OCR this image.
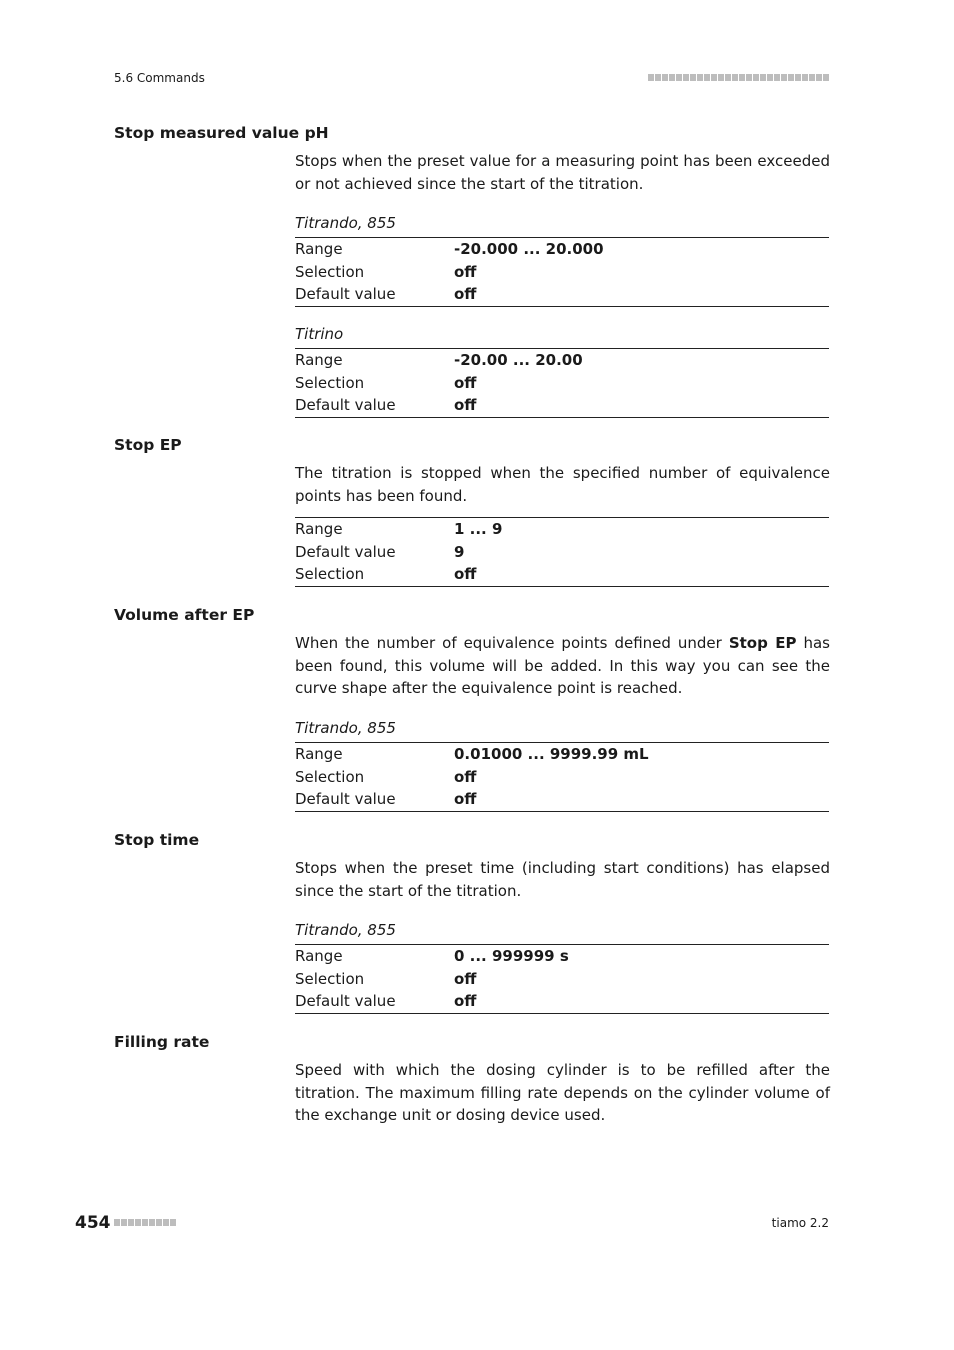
5.6 Commands
Stop measured value pH
Stops when the preset value for a measuring point has been exceeded or not achieved since the start of the titration.
Titrando, 855
Range	-20.000 ... 20.000
Selection	off
Default value	off
Titrino
Range	-20.00 ... 20.00
Selection	off
Default value	off
Stop EP
The titration is stopped when the specified number of equivalence points has been found.
Range	1 ... 9
Default value	9
Selection	off
Volume after EP
When the number of equivalence points defined under Stop EP has been found, this volume will be added. In this way you can see the curve shape after the equivalence point is reached.
Titrando, 855
Range	0.01000 ... 9999.99 mL
Selection	off
Default value	off
Stop time
Stops when the preset time (including start conditions) has elapsed since the start of the titration.
Titrando, 855
Range	0 ... 999999 s
Selection	off
Default value	off
Filling rate
Speed with which the dosing cylinder is to be refilled after the titration. The maximum filling rate depends on the cylinder volume of the exchange unit or dosing device used.
454	tiamo 2.2
